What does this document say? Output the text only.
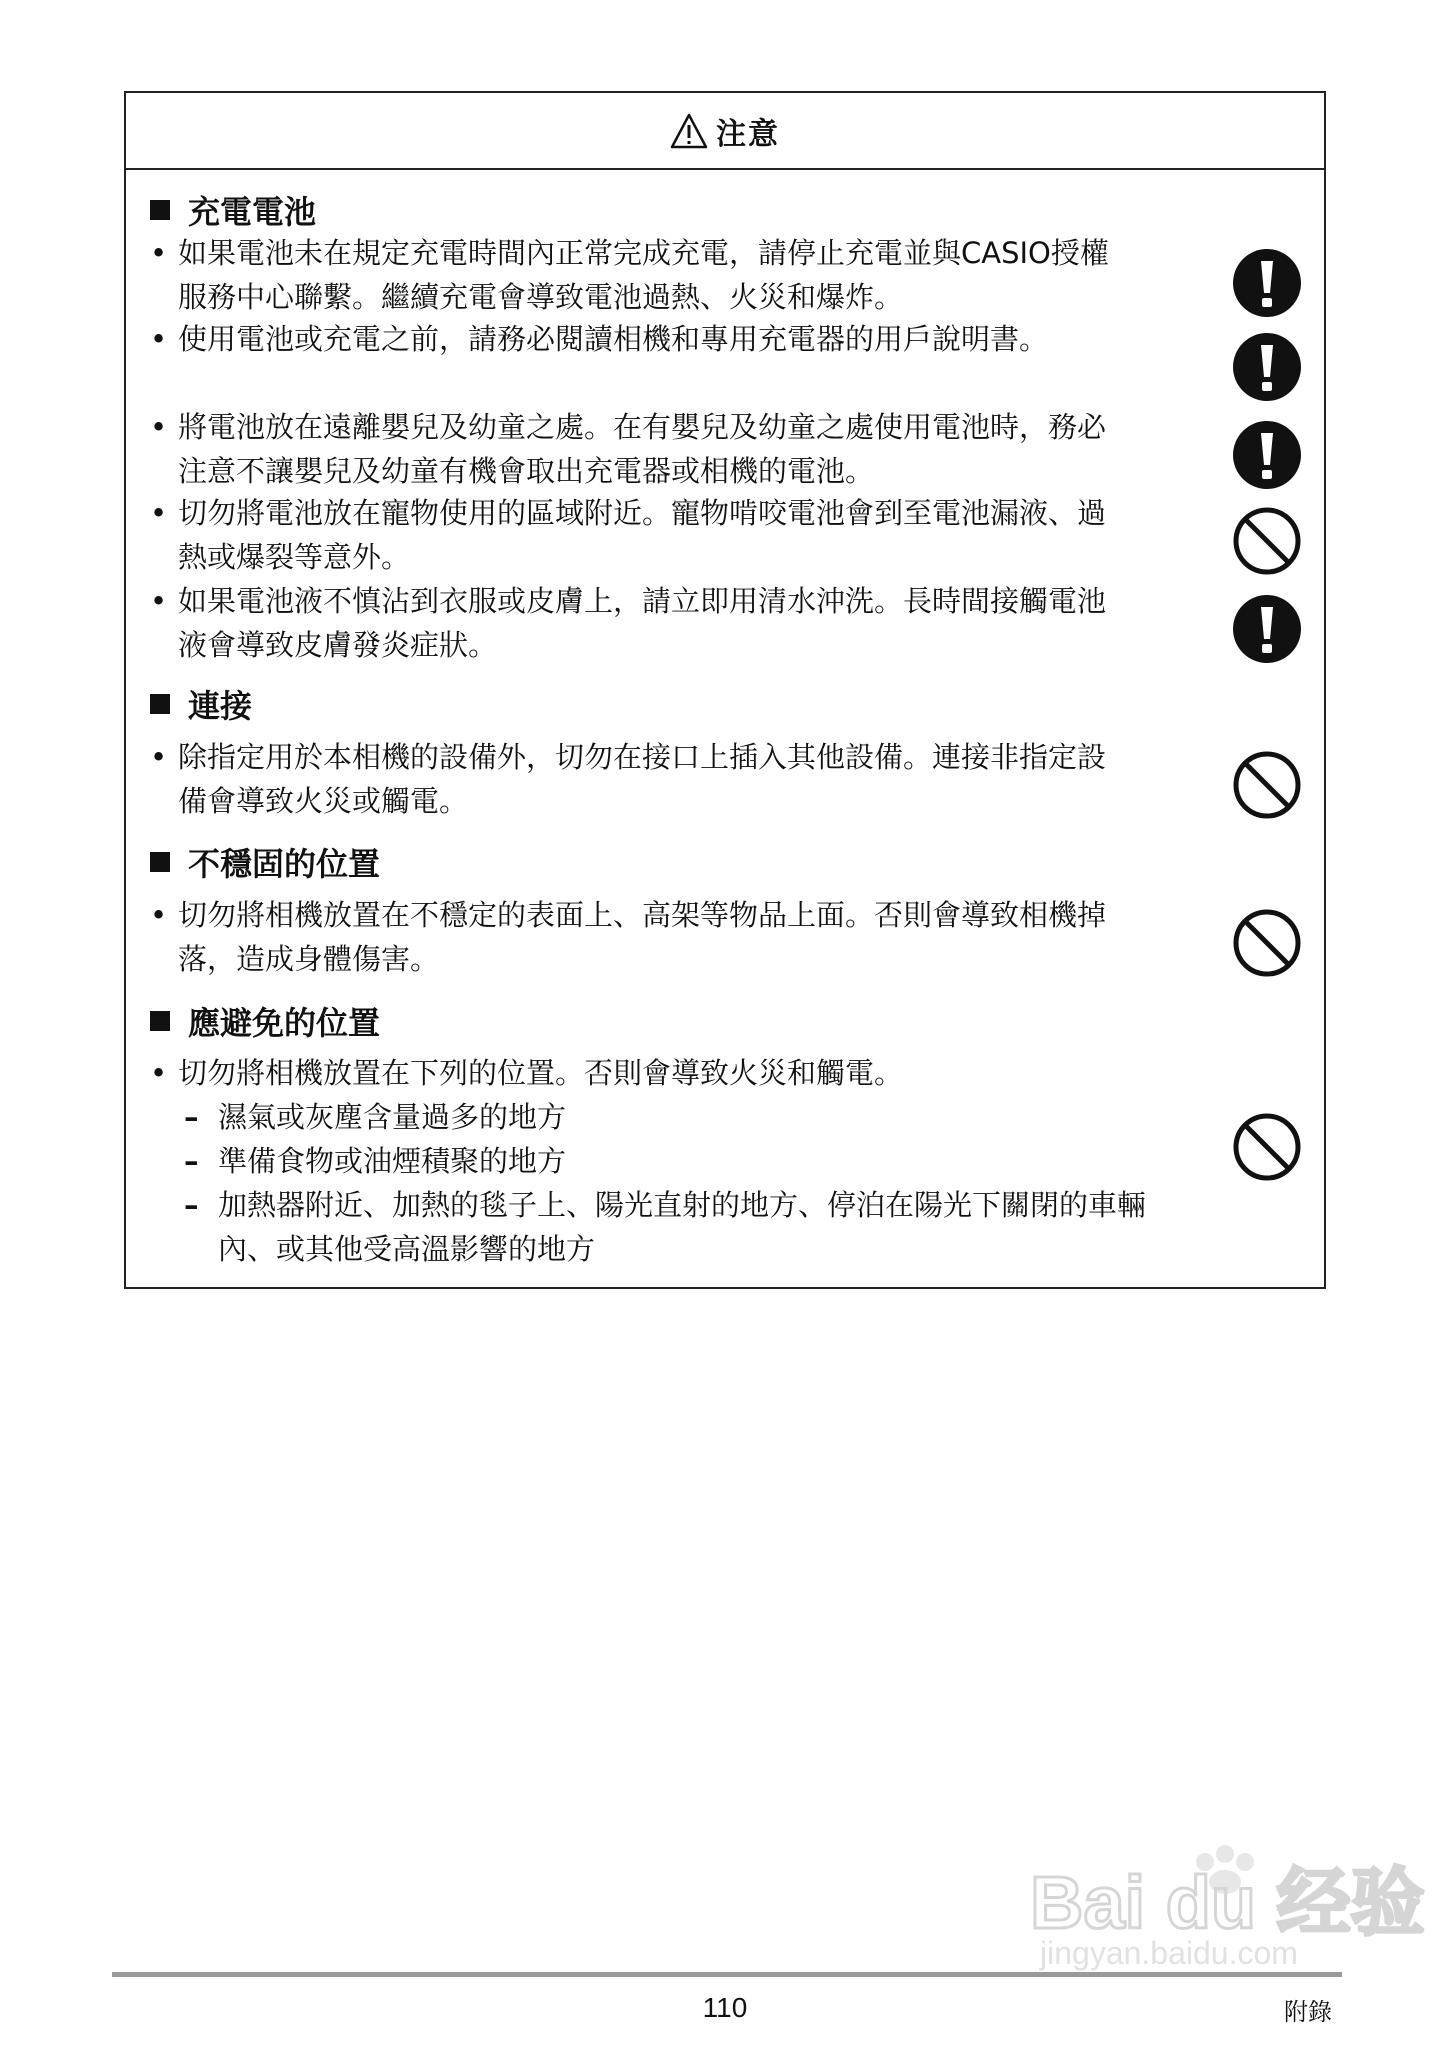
注意
充電電池
• 如果電池未在規定充電時間內正常完成充電，請停止充電並與CASIO授權
服務中心聯繫。繼續充電會導致電池過熱、火災和爆炸。
• 使用電池或充電之前，請務必閱讀相機和專用充電器的用戶說明書。
• 將電池放在遠離嬰兒及幼童之處。在有嬰兒及幼童之處使用電池時，務必
注意不讓嬰兒及幼童有機會取出充電器或相機的電池。
• 切勿將電池放在寵物使用的區域附近。寵物啃咬電池會到至電池漏液、過
熱或爆裂等意外。
• 如果電池液不慎沾到衣服或皮膚上，請立即用清水沖洗。長時間接觸電池
液會導致皮膚發炎症狀。
連接
• 除指定用於本相機的設備外，切勿在接口上插入其他設備。連接非指定設
備會導致火災或觸電。
不穩固的位置
• 切勿將相機放置在不穩定的表面上、高架等物品上面。否則會導致相機掉
落，造成身體傷害。
應避免的位置
• 切勿將相機放置在下列的位置。否則會導致火災和觸電。
– 濕氣或灰塵含量過多的地方
– 準備食物或油煙積聚的地方
– 加熱器附近、加熱的毯子上、陽光直射的地方、停泊在陽光下關閉的車輛
內、或其他受高溫影響的地方
Bai du 经验
jingyan.baidu.com
110	附錄
